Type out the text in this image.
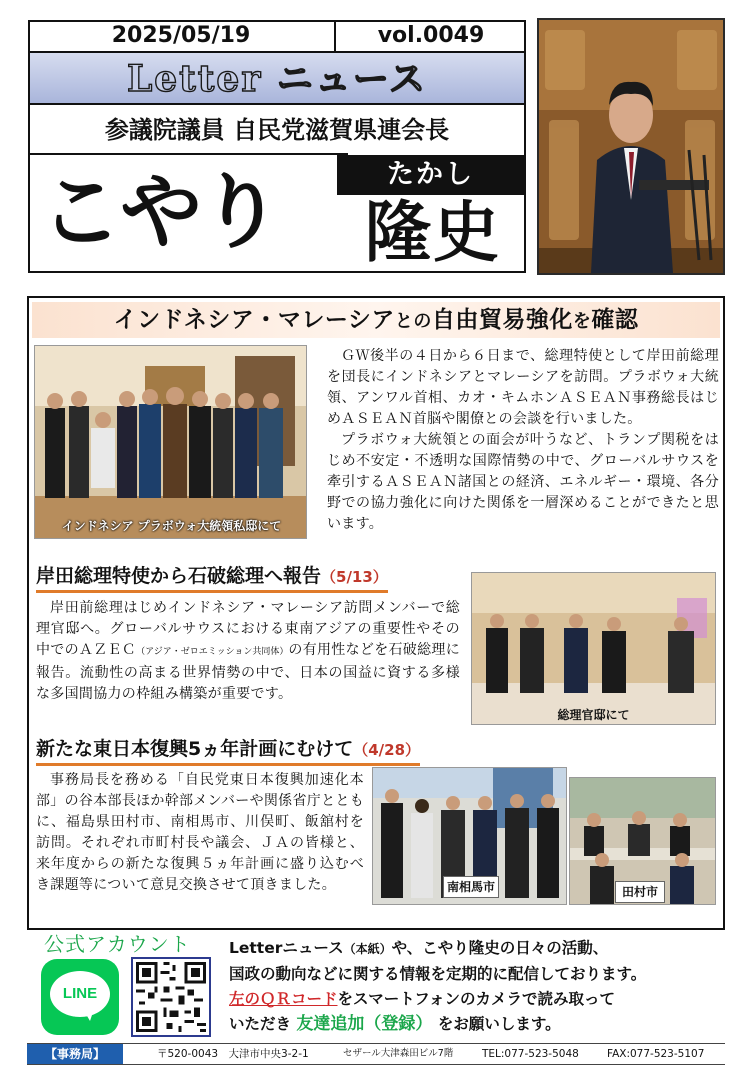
2025/05/19	vol.0049
Letter ニュース
参議院議員 自民党滋賀県連会長
たかし
こやり	隆史
インドネシア・マレーシアとの自由貿易強化を確認
インドネシア プラボウォ大統領私邸にて

ＧＷ後半の４日から６日まで、総理特使として岸田前総理を団長にインドネシアとマレーシアを訪問。プラボウォ大統領、アンワル首相、カオ・キムホンＡＳＥＡＮ事務総長はじめＡＳＥＡＮ首脳や閣僚との会談を行いました。

プラボウォ大統領との面会が叶うなど、トランプ関税をはじめ不安定・不透明な国際情勢の中で、グローバルサウスを牽引するＡＳＥＡＮ諸国との経済、エネルギー・環境、各分野での協力強化に向けた関係を一層深めることができたと思います。

岸田総理特使から石破総理へ報告（5/13）

岸田前総理はじめインドネシア・マレーシア訪問メンバーで総理官邸へ。グローバルサウスにおける東南アジアの重要性やその中でのＡＺＥＣ（アジア・ゼロエミッション共同体）の有用性などを石破総理に報告。流動性の高まる世界情勢の中で、日本の国益に資する多様な多国間協力の枠組み構築が重要です。

総理官邸にて
新たな東日本復興5ヵ年計画にむけて（4/28）

事務局長を務める「自民党東日本復興加速化本部」の谷本部長ほか幹部メンバーや関係省庁とともに、福島県田村市、南相馬市、川俣町、飯舘村を訪問。それぞれ市町村長や議会、ＪＡの皆様と、来年度からの新たな復興５ヵ年計画に盛り込むべき課題等について意見交換させて頂きました。	南相馬市	田村市
公式アカウント
LINE
Letterニュース（本紙）や、こやり隆史の日々の活動、
国政の動向などに関する情報を定期的に配信しております。
左のＱＲコードをスマートフォンのカメラで読み取って
いただき 友達追加（登録） をお願いします。
【事務局】	〒520-0043　大津市中央3-2-1	セザール大津森田ビル7階	TEL:077-523-5048	FAX:077-523-5107
